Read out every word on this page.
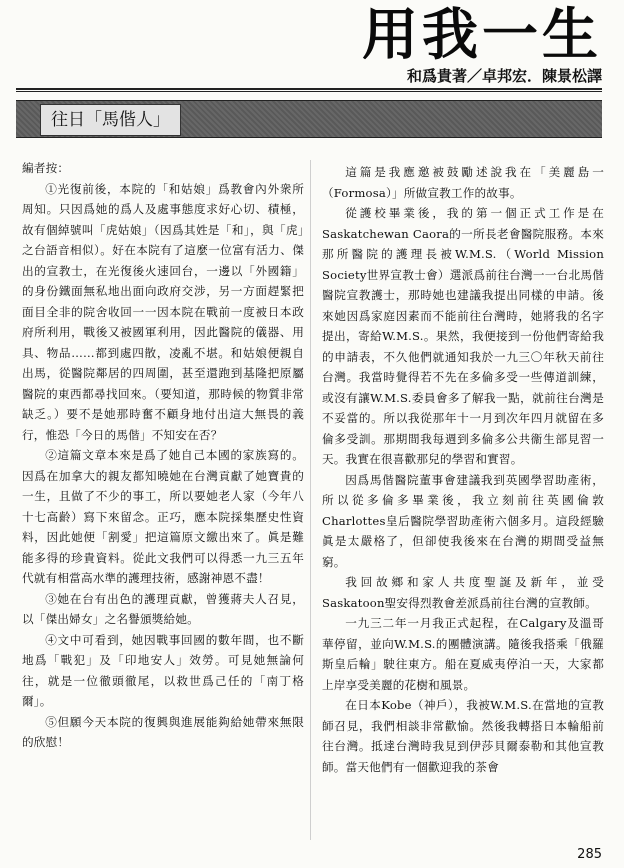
用我一生
和爲貴著／卓邦宏．陳景松譯
往日「馬偕人」

編者按：

①光復前後，本院的「和姑娘」爲教會內外衆所周知。只因爲她的爲人及處事態度求好心切、積極，故有個綽號叫「虎姑娘」（因爲其姓是「和」，與「虎」之台語音相似）。好在本院有了這麼一位富有活力、傑出的宣教士，在光復後火速回台，一邊以「外國籍」的身份鐵面無私地出面向政府交涉，另一方面趕緊把面目全非的院舍收回一一因本院在戰前一度被日本政府所利用，戰後又被國軍利用，因此醫院的儀器、用具、物品……都到處四散，凌亂不堪。和姑娘便親自出馬，從醫院鄰居的四周圍，甚至還跑到基隆把原屬醫院的東西都尋找回來。（要知道，那時候的物質非常缺乏。）要不是她那時奮不顧身地付出這大無畏的義行，惟恐「今日的馬偕」不知安在否？

②這篇文章本來是爲了她自己本國的家族寫的。因爲在加拿大的親友都知曉她在台灣貢獻了她寶貴的一生，且做了不少的事工，所以要她老人家（今年八十七高齡）寫下來留念。正巧，應本院採集歷史性資料，因此她便「割愛」把這篇原文繳出來了。眞是難能多得的珍貴資料。從此文我們可以得悉一九三五年代就有相當高水準的護理技術，感謝神恩不盡！

③她在台有出色的護理貢獻，曾獲蔣夫人召見，以「傑出婦女」之名譽頒獎給她。

④文中可看到，她因戰事回國的數年間，也不斷地爲「戰犯」及「印地安人」效勞。可見她無論何往，就是一位徹頭徹尾，以救世爲己任的「南丁格爾」。

⑤但願今天本院的復興與進展能夠給她帶來無限的欣慰！

這篇是我應邀被鼓勵述說我在「美麗島一（Formosa）」所做宣教工作的故事。

從護校畢業後，我的第一個正式工作是在Saskatchewan Caora的一所長老會醫院服務。本來那所醫院的護理長被W.M.S.（World Mission Society世界宣教士會）選派爲前往台灣一一台北馬偕醫院宣教護士，那時她也建議我提出同樣的申請。後來她因爲家庭因素而不能前往台灣時，她將我的名字提出，寄給W.M.S.。果然，我便接到一份他們寄給我的申請表，不久他們就通知我於一九三〇年秋天前往台灣。我當時覺得若不先在多倫多受一些傳道訓練，或沒有讓W.M.S.委員會多了解我一點，就前往台灣是不妥當的。所以我從那年十一月到次年四月就留在多倫多受訓。那期間我每週到多倫多公共衞生部見習一天。我實在很喜歡那兒的學習和實習。

因爲馬偕醫院董事會建議我到英國學習助產術，所以從多倫多畢業後，我立刻前往英國倫敦Charlottes皇后醫院學習助產術六個多月。這段經驗眞是太嚴格了，但卻使我後來在台灣的期間受益無窮。

我回故鄉和家人共度聖誕及新年，並受Saskatoon聖安得烈教會差派爲前往台灣的宣教師。

一九三二年一月我正式起程，在Calgary及溫哥華停留，並向W.M.S.的團體演講。隨後我搭乘「俄羅斯皇后輪」駛往東方。船在夏威夷停泊一天，大家都上岸享受美麗的花樹和風景。

在日本Kobe（神戶），我被W.M.S.在當地的宣教師召見，我們相談非常歡愉。然後我轉搭日本輪船前往台灣。抵達台灣時我見到伊莎貝爾泰勒和其他宣教師。當天他們有一個歡迎我的茶會

285
